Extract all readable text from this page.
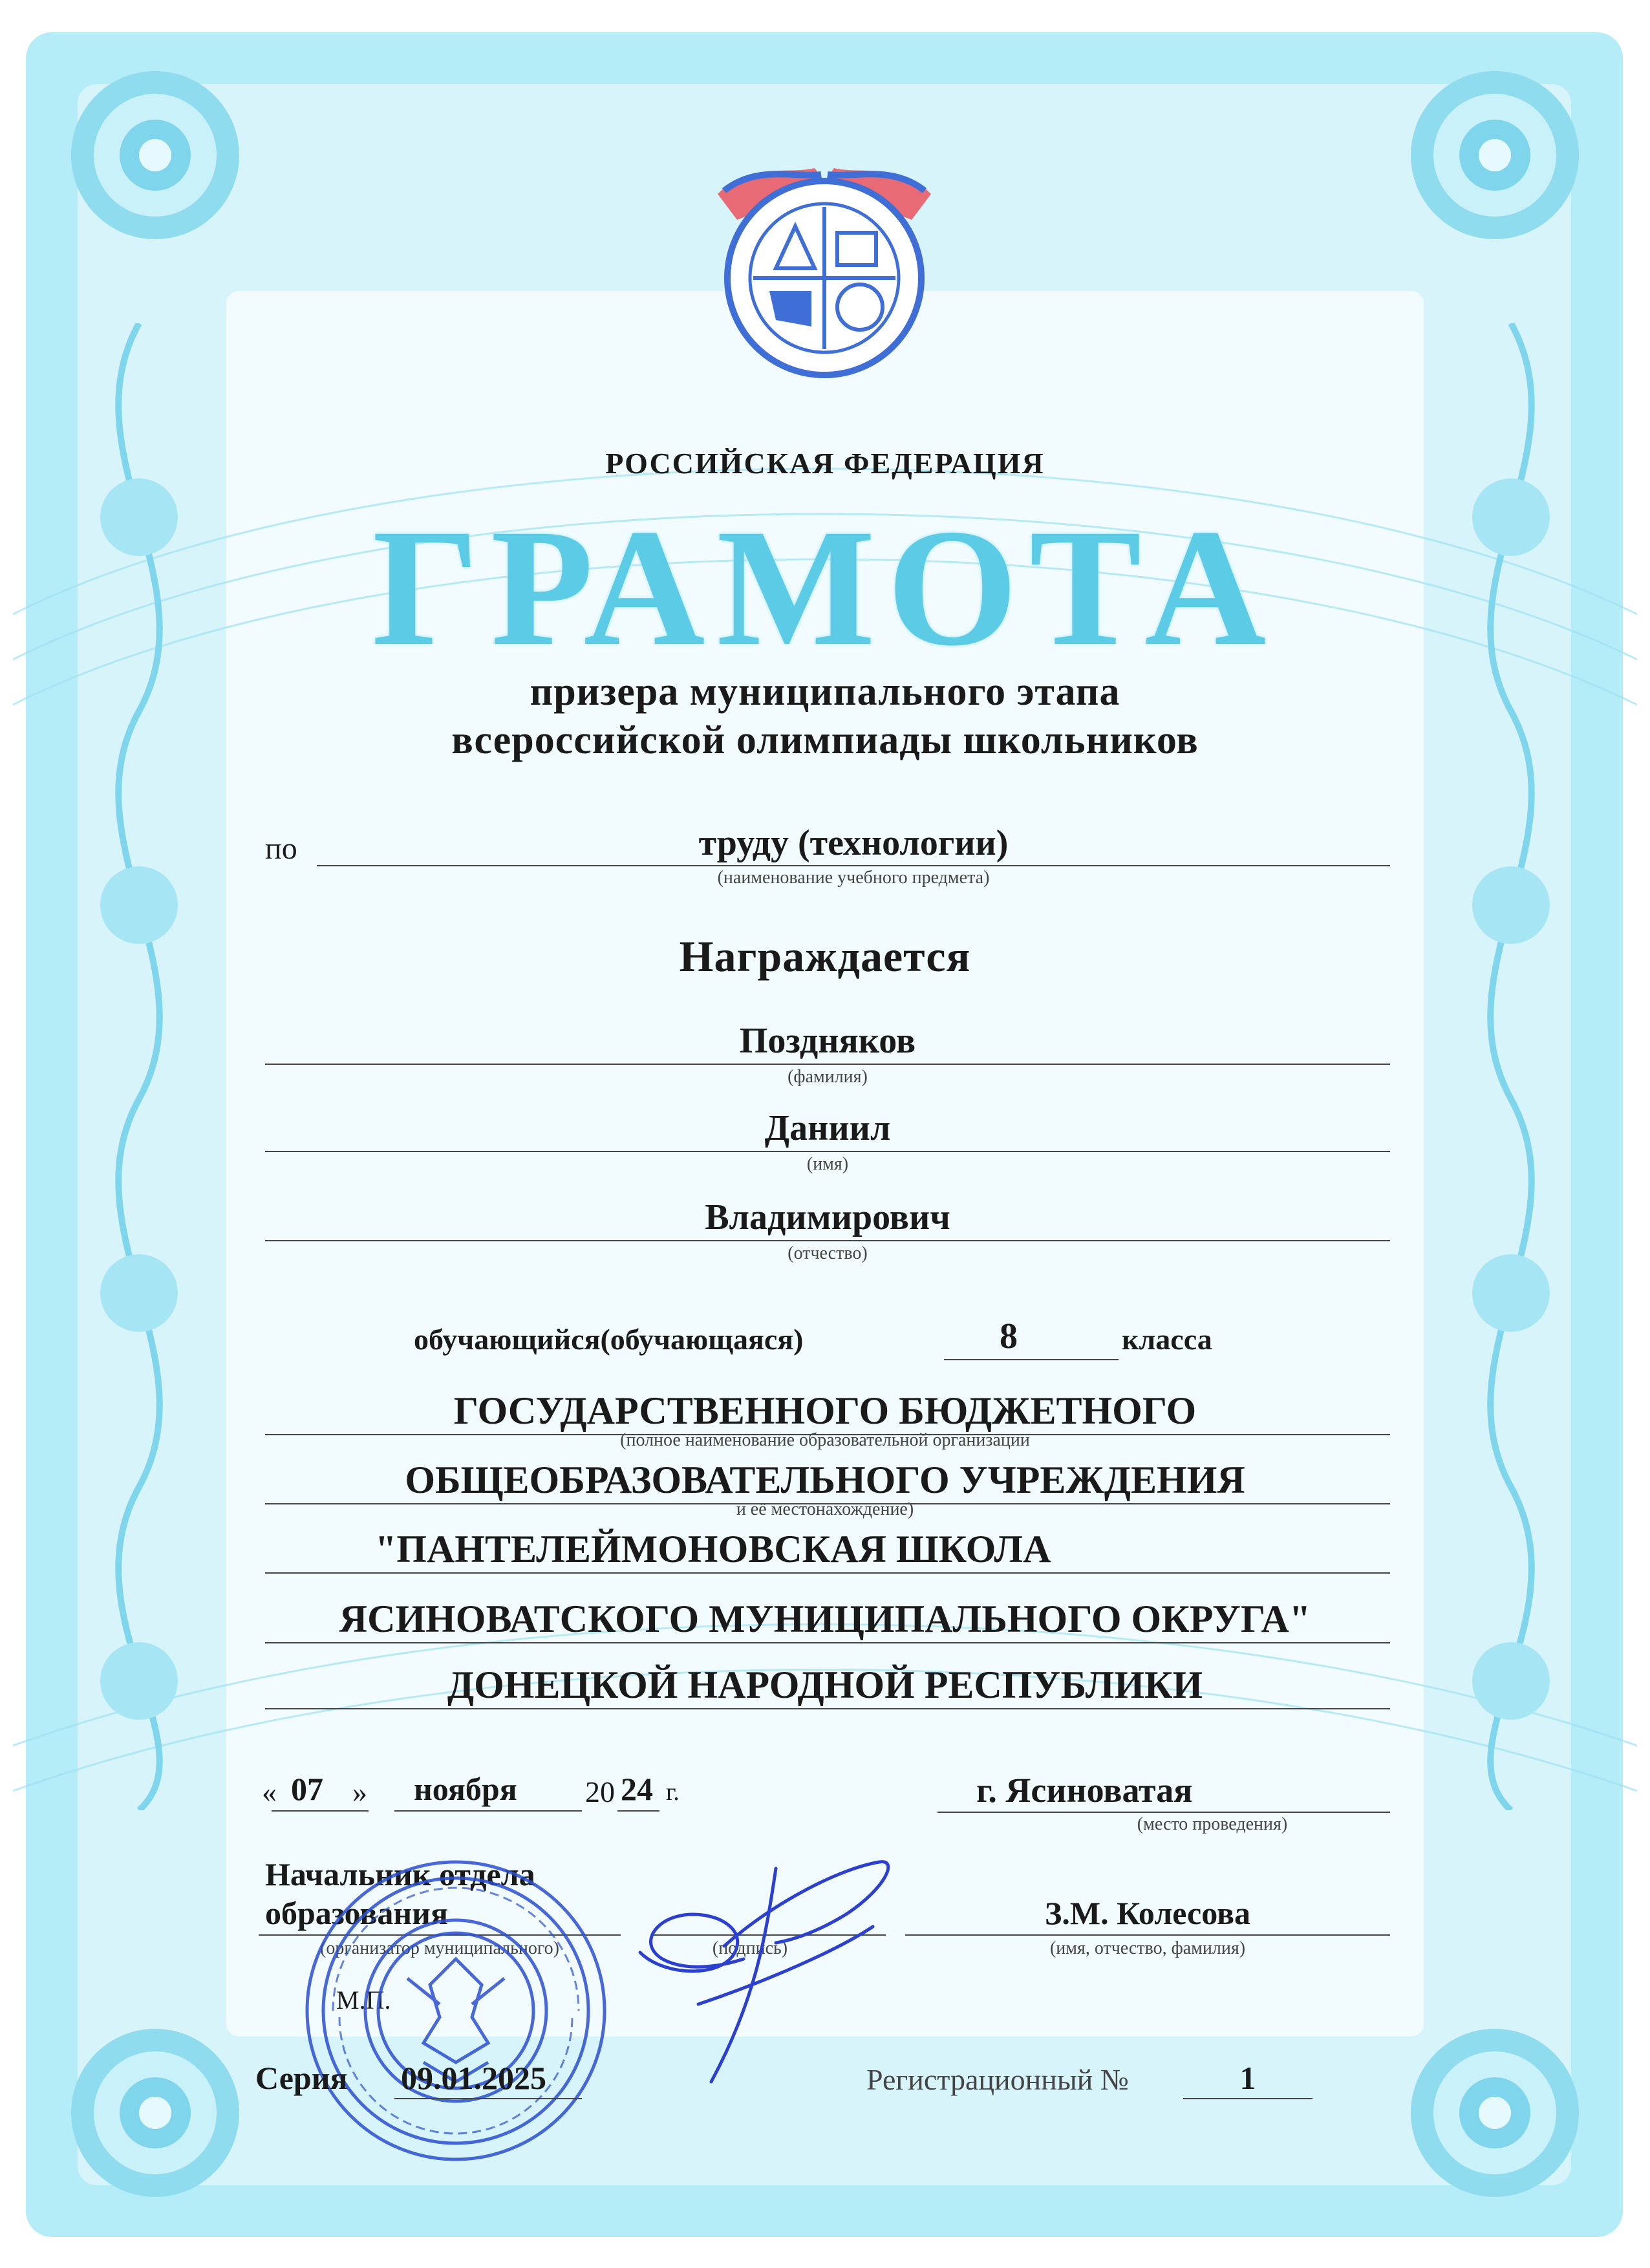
РОССИЙСКАЯ ФЕДЕРАЦИЯ
ГРАМОТА
призера муниципального этапа
всероссийской олимпиады школьников
по	труду (технологии)
(наименование учебного предмета)
Награждается
Поздняков
(фамилия)
Даниил
(имя)
Владимирович
(отчество)
обучающийся(обучающаяся)	8	класса
ГОСУДАРСТВЕННОГО БЮДЖЕТНОГО
(полное наименование образовательной организации
ОБЩЕОБРАЗОВАТЕЛЬНОГО УЧРЕЖДЕНИЯ
и её местонахождение)
"ПАНТЕЛЕЙМОНОВСКАЯ ШКОЛА
ЯСИНОВАТСКОГО МУНИЦИПАЛЬНОГО ОКРУГА"
ДОНЕЦКОЙ НАРОДНОЙ РЕСПУБЛИКИ
« 07 » ноября 20 24 г.	г. Ясиноватая
(место проведения)
Начальник отдела
образования
(организатор муниципального)	(подпись)
З.М. Колесова
(имя, отчество, фамилия)
М.П.
Серия 09.01.2025	Регистрационный №	1
